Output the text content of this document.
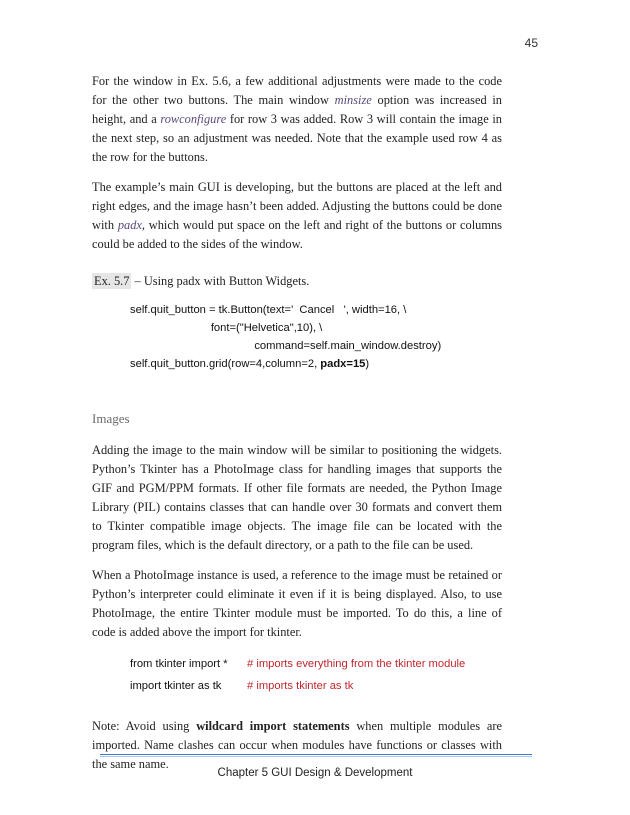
45

For the window in Ex. 5.6, a few additional adjustments were made to the code for the other two buttons. The main window minsize option was increased in height, and a rowconfigure for row 3 was added. Row 3 will contain the image in the next step, so an adjustment was needed. Note that the example used row 4 as the row for the buttons.

The example’s main GUI is developing, but the buttons are placed at the left and right edges, and the image hasn’t been added. Adjusting the buttons could be done with padx, which would put space on the left and right of the buttons or columns could be added to the sides of the window.

Ex. 5.7 – Using padx with Button Widgets.

self.quit_button = tk.Button(text='  Cancel   ', width=16, \
font=("Helvetica",10), \
command=self.main_window.destroy)
self.quit_button.grid(row=4,column=2, padx=15)
Images

Adding the image to the main window will be similar to positioning the widgets. Python’s Tkinter has a PhotoImage class for handling images that supports the GIF and PGM/PPM formats. If other file formats are needed, the Python Image Library (PIL) contains classes that can handle over 30 formats and convert them to Tkinter compatible image objects. The image file can be located with the program files, which is the default directory, or a path to the file can be used.

When a PhotoImage instance is used, a reference to the image must be retained or Python’s interpreter could eliminate it even if it is being displayed. Also, to use PhotoImage, the entire Tkinter module must be imported. To do this, a line of code is added above the import for tkinter.

from tkinter import *	# imports everything from the tkinter module
import tkinter as tk	# imports tkinter as tk

Note: Avoid using wildcard import statements when multiple modules are imported. Name clashes can occur when modules have functions or classes with the same name.

Chapter 5 GUI Design & Development
